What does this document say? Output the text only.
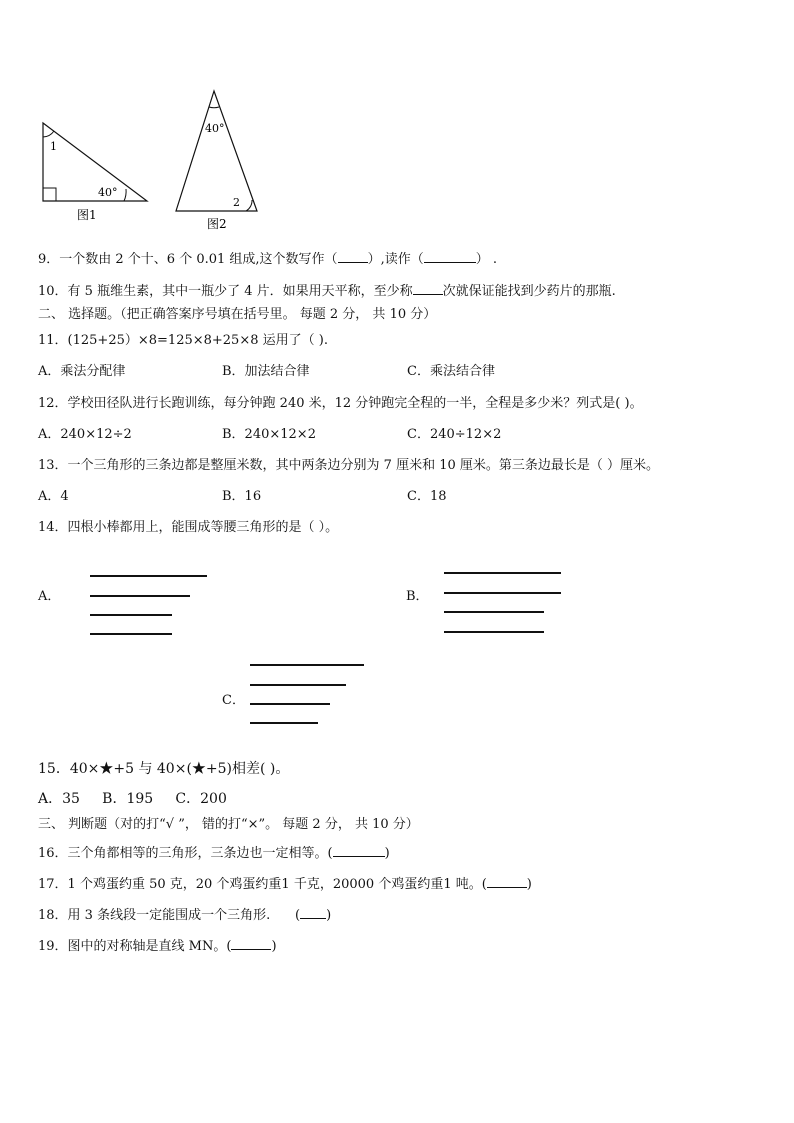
1
40°
图1
40°
2
图2
9．一个数由 2 个十、6 个 0.01 组成,这个数写作（ ）,读作（	） .
10．有 5 瓶维生素，其中一瓶少了 4 片．如果用天平称，至少称 次就保证能找到少药片的那瓶.
二、 选择题。（把正确答案序号填在括号里。 每题 2 分， 共 10 分）
11．(125+25）×8=125×8+25×8 运用了（ ).
A．乘法分配律	B．加法结合律	C．乘法结合律
12．学校田径队进行长跑训练，每分钟跑 240 米，12 分钟跑完全程的一半，全程是多少米？列式是( )。
A．240×12÷2	B．240×12×2	C．240÷12×2
13．一个三角形的三条边都是整厘米数，其中两条边分别为 7 厘米和 10 厘米。第三条边最长是（ ）厘米。
A．4	B．16	C．18
14．四根小棒都用上，能围成等腰三角形的是（ ）。
A．	B．
C．
15．40×★+5 与 40×(★+5)相差( )。
A．35     B．195     C．200
三、 判断题（对的打“√ ”， 错的打“×”。 每题 2 分， 共 10 分）
16．三个角都相等的三角形，三条边也一定相等。(	)
17．1 个鸡蛋约重 50 克，20 个鸡蛋约重1 千克，20000 个鸡蛋约重1 吨。(	)
18．用 3 条线段一定能围成一个三角形.      ( )
19．图中的对称轴是直线 MN。(	)
